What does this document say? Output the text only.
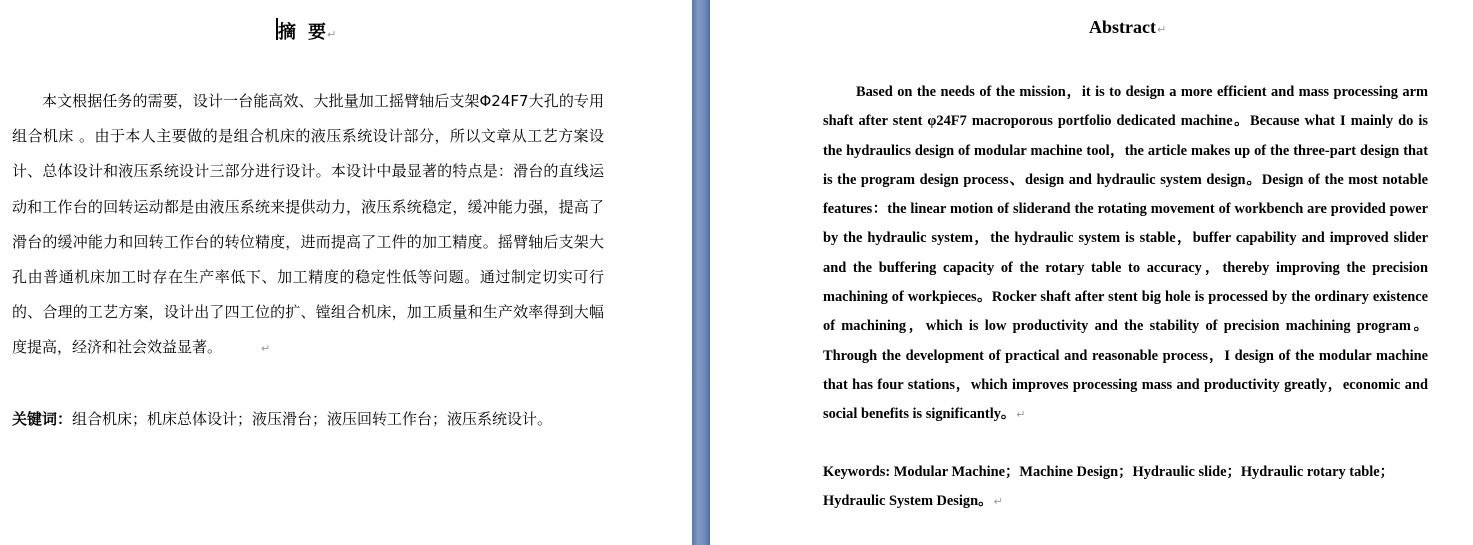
摘 要↵

本文根据任务的需要，设计一台能高效、大批量加工摇臂轴后支架Φ24F7大孔的专用组合机床 。由于本人主要做的是组合机床的液压系统设计部分，所以文章从工艺方案设计、总体设计和液压系统设计三部分进行设计。本设计中最显著的特点是：滑台的直线运动和工作台的回转运动都是由液压系统来提供动力，液压系统稳定，缓冲能力强，提高了滑台的缓冲能力和回转工作台的转位精度，进而提高了工件的加工精度。摇臂轴后支架大孔由普通机床加工时存在生产率低下、加工精度的稳定性低等问题。通过制定切实可行的、合理的工艺方案，设计出了四工位的扩、镗组合机床，加工质量和生产效率得到大幅度提高，经济和社会效益显著。	↵

关键词：组合机床；机床总体设计；液压滑台；液压回转工作台；液压系统设计。

Abstract↵

Based on the needs of the mission，it is to design a more efficient and mass processing arm shaft after stent φ24F7 macroporous portfolio dedicated machine。Because what I mainly do is the hydraulics design of modular machine tool，the article makes up of the three-part design that is the program design process、design and hydraulic system design。Design of the most notable features：the linear motion of sliderand the rotating movement of workbench are provided power by the hydraulic system，the hydraulic system is stable，buffer capability and improved slider and the buffering capacity of the rotary table to accuracy，thereby improving the precision machining of workpieces。Rocker shaft after stent big hole is processed by the ordinary existence of machining，which is low productivity and the stability of precision machining program。Through the development of practical and reasonable process，I design of the modular machine that has four stations，which improves processing mass and productivity greatly，economic and social benefits is significantly。↵

Keywords: Modular Machine；Machine Design；Hydraulic slide；Hydraulic rotary table；Hydraulic System Design。↵
